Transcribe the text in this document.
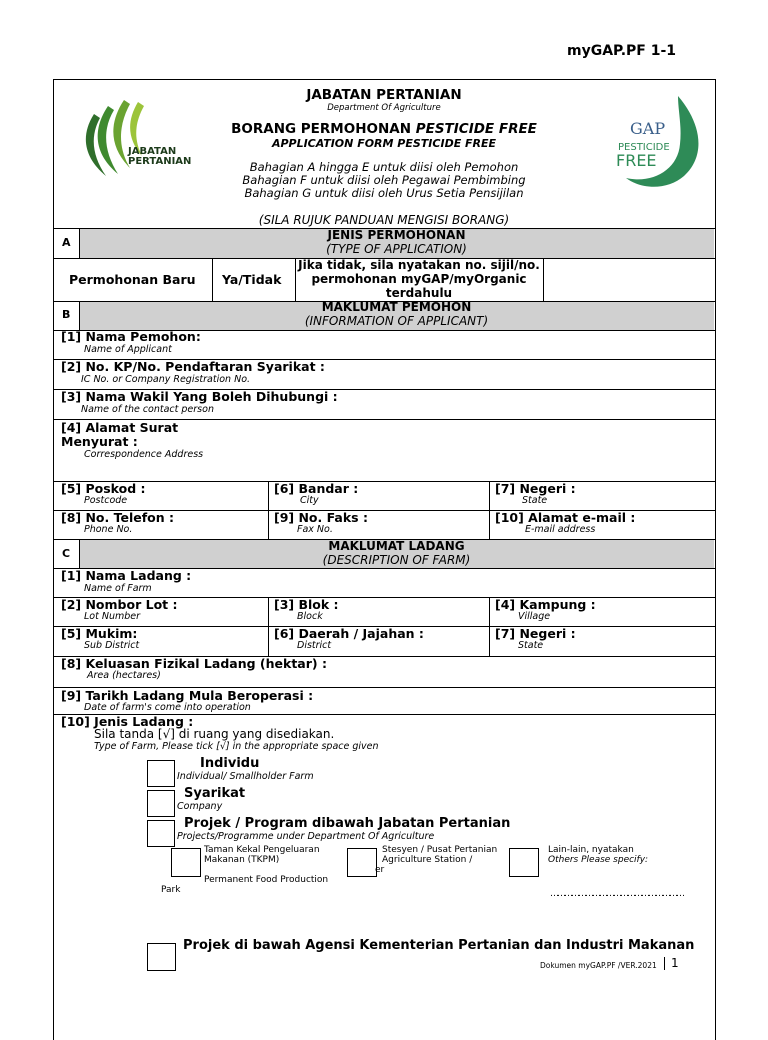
myGAP.PF 1-1
JABATAN
PERTANIAN
JABATAN PERTANIAN
Department Of Agriculture
BORANG PERMOHONAN PESTICIDE FREE
APPLICATION FORM PESTICIDE FREE
Bahagian A hingga E untuk diisi oleh Pemohon
Bahagian F untuk diisi oleh Pegawai Pembimbing
Bahagian G untuk diisi oleh Urus Setia Pensijilan
(SILA RUJUK PANDUAN MENGISI BORANG)
GAP
PESTICIDE
FREE
A
JENIS PERMOHONAN
(TYPE OF APPLICATION)
Permohonan Baru Ya/Tidak
Jika tidak, sila nyatakan no. sijil/no. permohonan myGAP/myOrganic terdahulu
B
MAKLUMAT PEMOHON
(INFORMATION OF APPLICANT)
[1] Nama Pemohon:
Name of Applicant
[2] No. KP/No. Pendaftaran Syarikat :
IC No. or Company Registration No.
[3] Nama Wakil Yang Boleh Dihubungi :
Name of the contact person
[4] Alamat Surat
Menyurat :
Correspondence Address
[5] Poskod :
Postcode
[6] Bandar :
City
[7] Negeri :
State
[8] No. Telefon :
Phone No.
[9] No. Faks :
Fax No.
[10] Alamat e-mail :
E-mail address
C
MAKLUMAT LADANG
(DESCRIPTION OF FARM)
[1] Nama Ladang :
Name of Farm
[2] Nombor Lot :
Lot Number
[3] Blok :
Block
[4] Kampung :
Village
[5] Mukim:
Sub District
[6] Daerah / Jajahan :
District
[7] Negeri :
State
[8] Keluasan Fizikal Ladang (hektar) :
Area (hectares)
[9] Tarikh Ladang Mula Beroperasi :
Date of farm's come into operation
[10] Jenis Ladang :
Sila tanda [√] di ruang yang disediakan.
Type of Farm, Please tick [√] in the appropriate space given
Individu
Individual/ Smallholder Farm
Syarikat
Company
Projek / Program dibawah Jabatan Pertanian
Projects/Programme under Department Of Agriculture
Taman Kekal Pengeluaran
Makanan (TKPM)
Permanent Food Production
Park
Stesyen / Pusat Pertanian
Agriculture Station /
er
Lain-lain, nyatakan
Others Please specify:
…………………………………………………
Projek di bawah Agensi Kementerian Pertanian dan Industri Makanan
Dokumen myGAP.PF /VER.2021 1
